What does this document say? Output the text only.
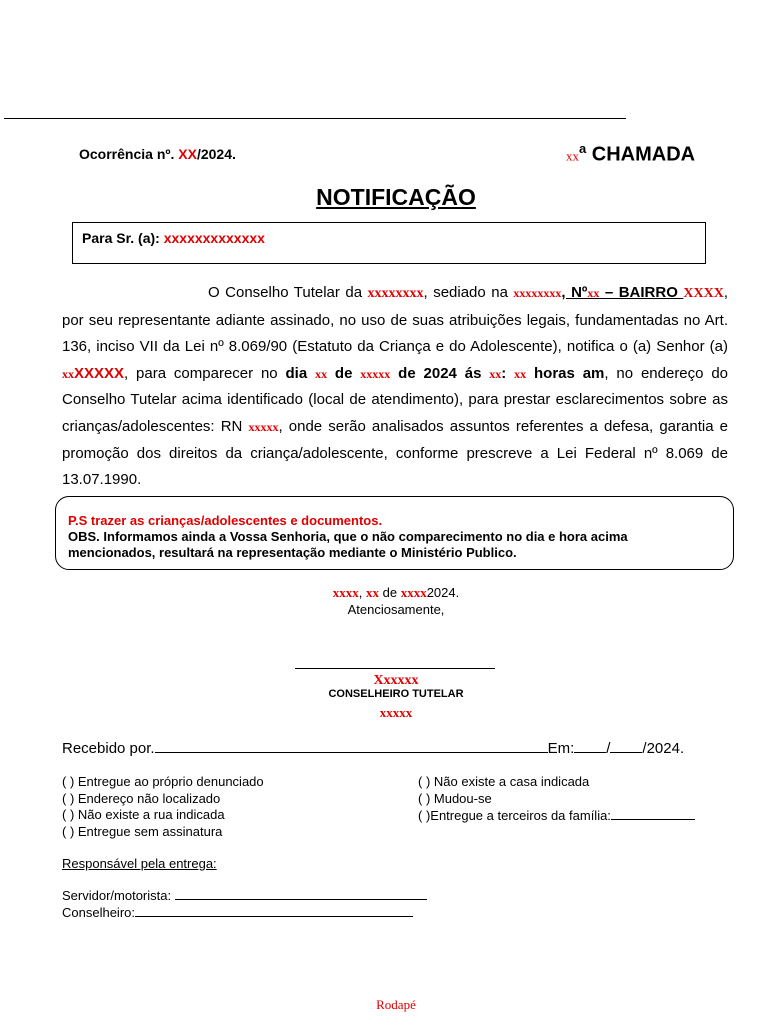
Ocorrência nº. XX/2024.	$xx^a$ CHAMADA
NOTIFICAÇÃO
Para Sr. (a): xxxxxxxxxxxxx
O Conselho Tutelar da xxxxxxxx, sediado na xxxxxxxx, Nºxx – BAIRRO XXXX, por seu representante adiante assinado, no uso de suas atribuições legais, fundamentadas no Art. 136, inciso VII da Lei nº 8.069/90 (Estatuto da Criança e do Adolescente), notifica o (a) Senhor (a) xxXXXXX, para comparecer no dia xx de xxxxx de 2024 ás xx: xx horas am, no endereço do Conselho Tutelar acima identificado (local de atendimento), para prestar esclarecimentos sobre as crianças/adolescentes: RN xxxxx, onde serão analisados assuntos referentes a defesa, garantia e promoção dos direitos da criança/adolescente, conforme prescreve a Lei Federal nº 8.069 de 13.07.1990.
P.S trazer as crianças/adolescentes e documentos.
OBS. Informamos ainda a Vossa Senhoria, que o não comparecimento no dia e hora acima mencionados, resultará na representação mediante o Ministério Publico.
xxxx, xx de xxxx2024.
Atenciosamente,
Xxxxxx
CONSELHEIRO TUTELAR
xxxxx
Recebido por.	Em: / /2024.
( ) Entregue ao próprio denunciado
( ) Endereço não localizado
( ) Não existe a rua indicada
( ) Entregue sem assinatura
( ) Não existe a casa indicada
( ) Mudou-se
( )Entregue a terceiros da família:
Responsável pela entrega:
Servidor/motorista:
Conselheiro:
Rodapé
